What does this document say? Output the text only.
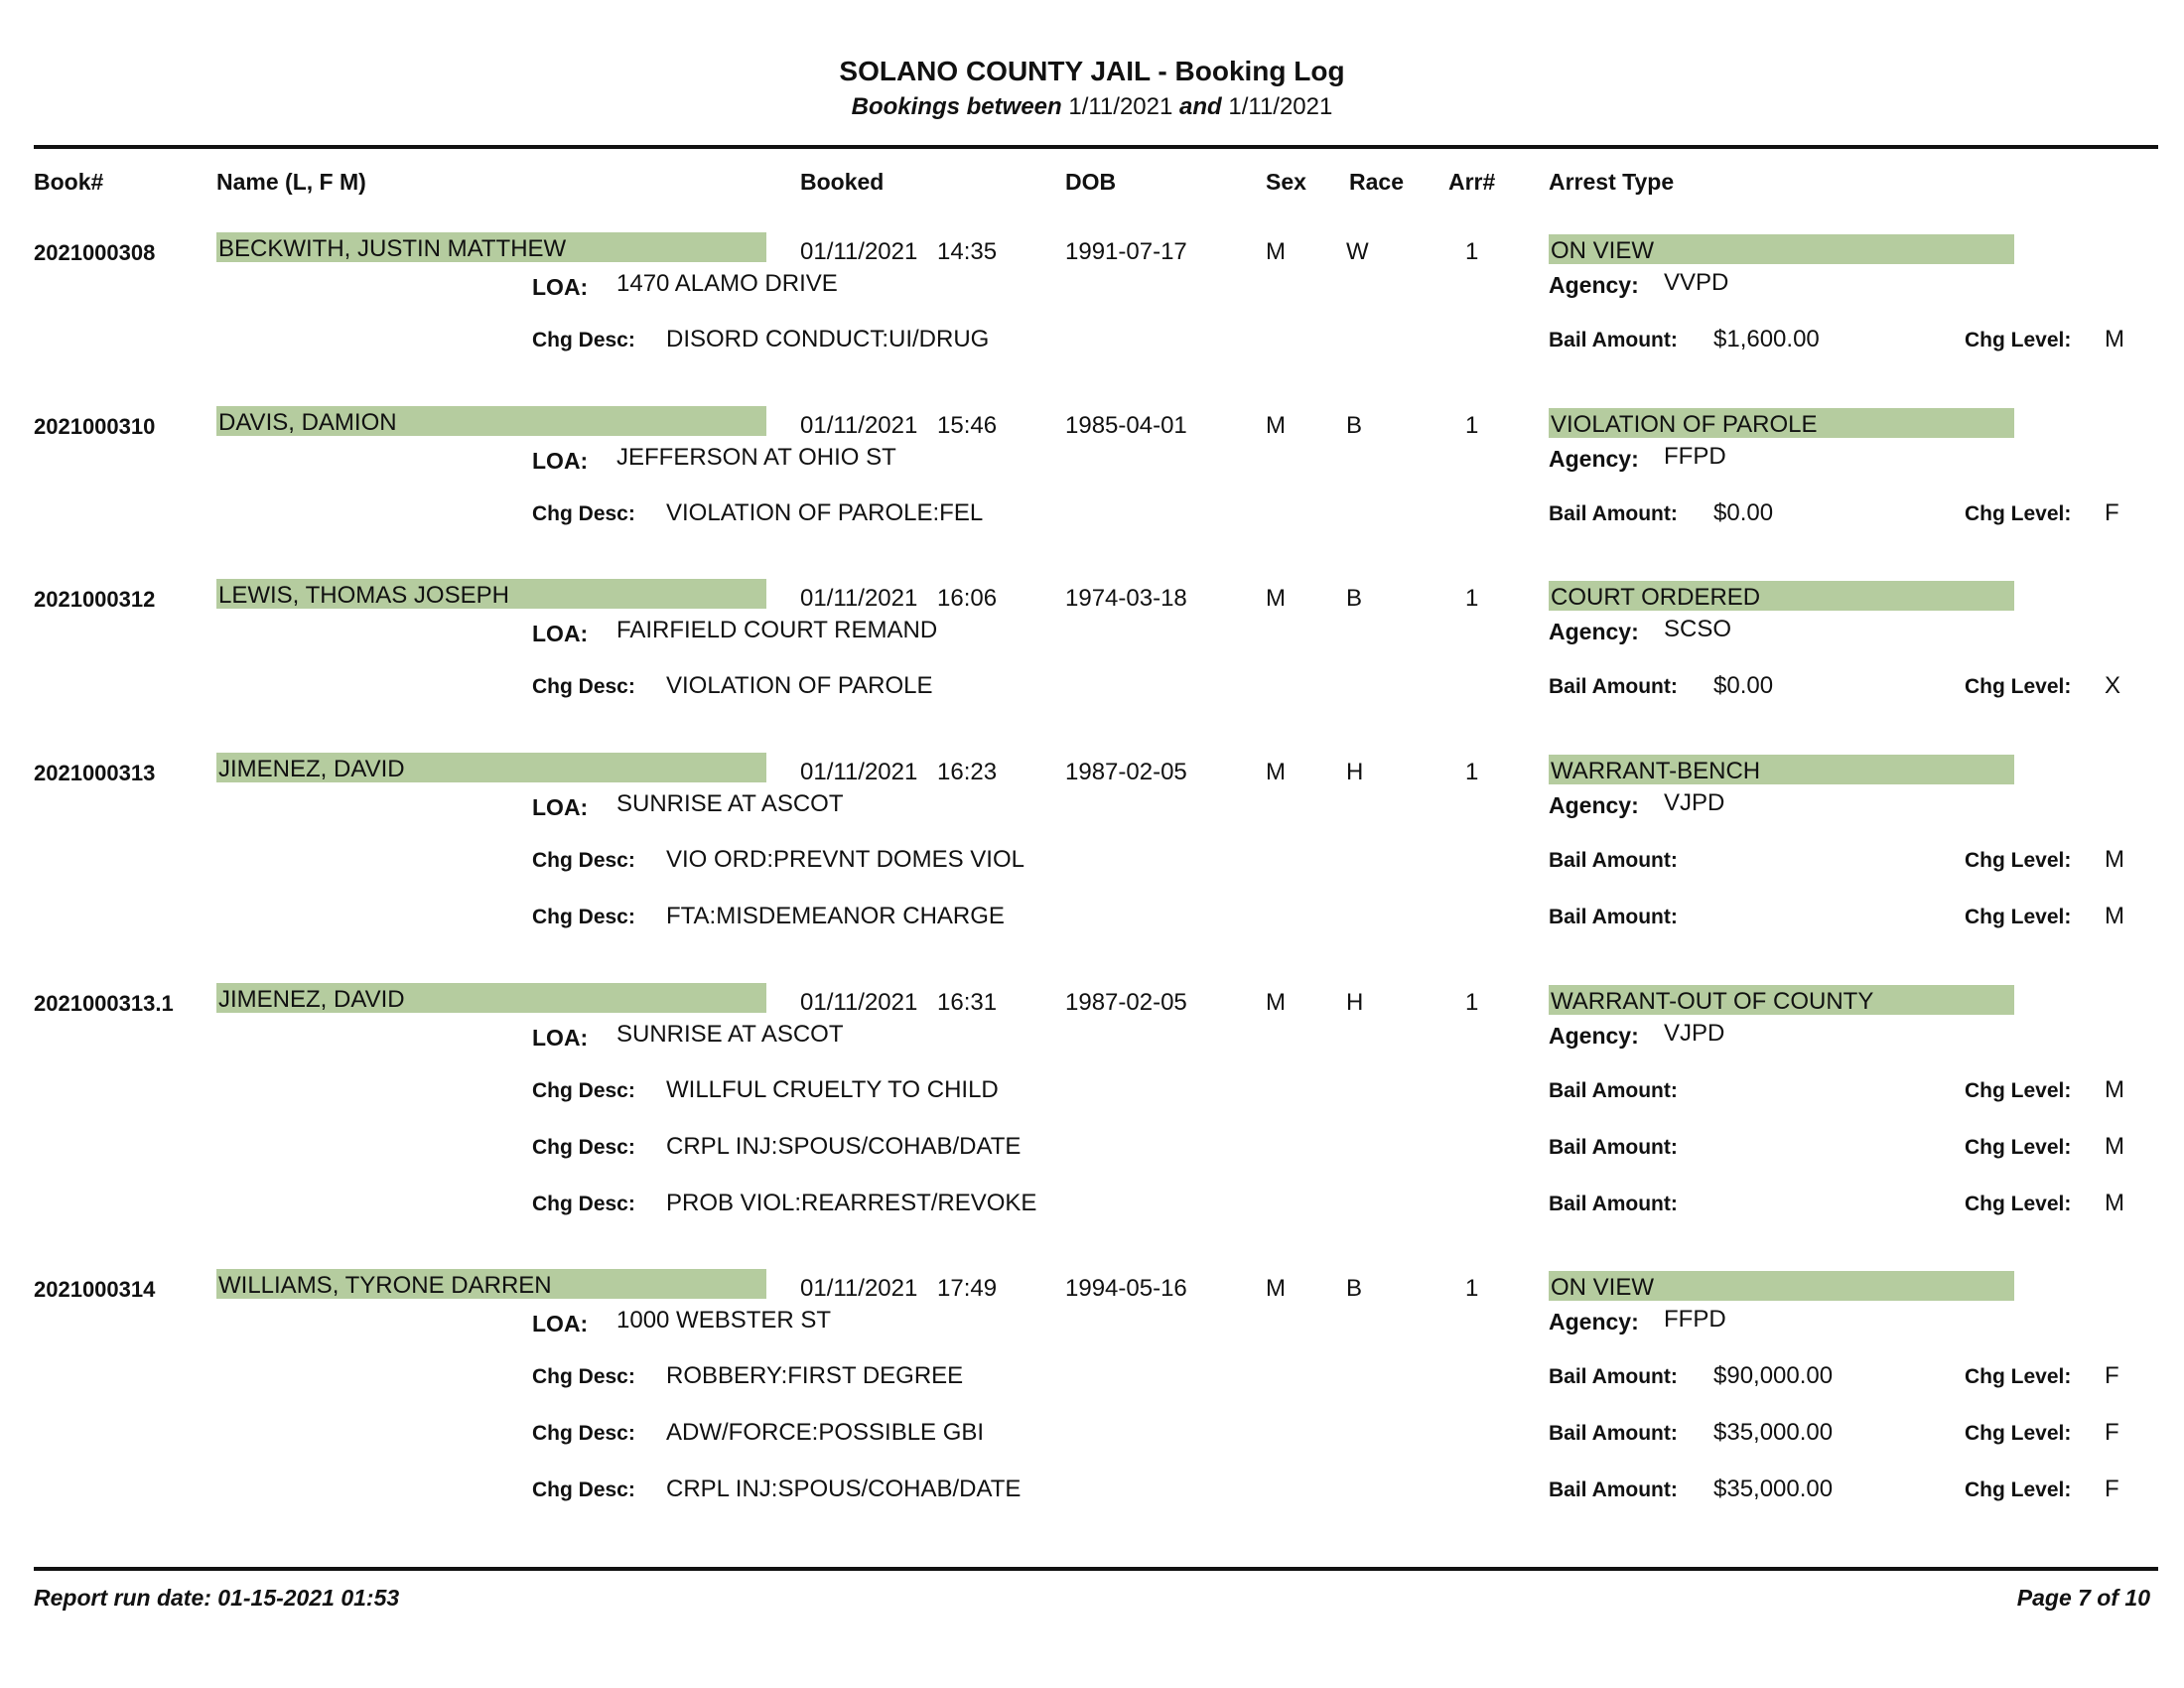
SOLANO COUNTY JAIL - Booking Log
Bookings between 1/11/2021 and 1/11/2021
Book#	Name (L, F M)	Booked	DOB	Sex Race Arr# Arrest Type
2021000308	BECKWITH, JUSTIN MATTHEW	01/11/2021 14:35	1991-07-17	M	W	1	ON VIEW
LOA: 1470 ALAMO DRIVE	Agency: VVPD
Chg Desc: DISORD CONDUCT:UI/DRUG	Bail Amount: $1,600.00	Chg Level: M
2021000310	DAVIS, DAMION	01/11/2021 15:46	1985-04-01	M	B	1	VIOLATION OF PAROLE
LOA: JEFFERSON AT OHIO ST	Agency: FFPD
Chg Desc: VIOLATION OF PAROLE:FEL	Bail Amount: $0.00	Chg Level: F
2021000312	LEWIS, THOMAS JOSEPH	01/11/2021 16:06	1974-03-18	M	B	1	COURT ORDERED
LOA: FAIRFIELD COURT REMAND	Agency: SCSO
Chg Desc: VIOLATION OF PAROLE	Bail Amount: $0.00	Chg Level: X
2021000313	JIMENEZ, DAVID	01/11/2021 16:23	1987-02-05	M	H	1	WARRANT-BENCH
LOA: SUNRISE AT ASCOT	Agency: VJPD
Chg Desc: VIO ORD:PREVNT DOMES VIOL	Bail Amount:	Chg Level: M
Chg Desc: FTA:MISDEMEANOR CHARGE	Bail Amount:	Chg Level: M
2021000313.1 JIMENEZ, DAVID	01/11/2021 16:31	1987-02-05	M	H	1	WARRANT-OUT OF COUNTY
LOA: SUNRISE AT ASCOT	Agency: VJPD
Chg Desc: WILLFUL CRUELTY TO CHILD	Bail Amount:	Chg Level: M
Chg Desc: CRPL INJ:SPOUS/COHAB/DATE	Bail Amount:	Chg Level: M
Chg Desc: PROB VIOL:REARREST/REVOKE	Bail Amount:	Chg Level: M
2021000314	WILLIAMS, TYRONE DARREN	01/11/2021 17:49	1994-05-16	M	B	1	ON VIEW
LOA: 1000 WEBSTER ST	Agency: FFPD
Chg Desc: ROBBERY:FIRST DEGREE	Bail Amount: $90,000.00	Chg Level: F
Chg Desc: ADW/FORCE:POSSIBLE GBI	Bail Amount: $35,000.00	Chg Level: F
Chg Desc: CRPL INJ:SPOUS/COHAB/DATE	Bail Amount: $35,000.00	Chg Level: F
Report run date: 01-15-2021 01:53	Page 7 of 10
